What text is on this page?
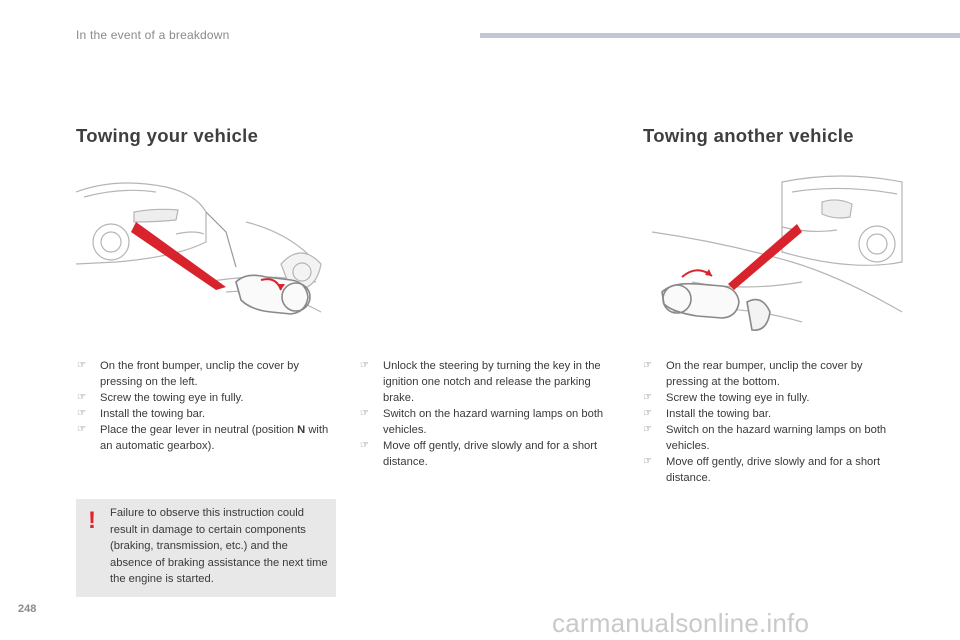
In the event of a breakdown
Towing your vehicle	Towing another vehicle
☞ On the front bumper, unclip the cover by pressing on the left.
☞ Screw the towing eye in fully.
☞ Install the towing bar.
☞ Place the gear lever in neutral (position N with an automatic gearbox).
☞ Unlock the steering by turning the key in the ignition one notch and release the parking brake.
☞ Switch on the hazard warning lamps on both vehicles.
☞ Move off gently, drive slowly and for a short distance.
☞ On the rear bumper, unclip the cover by pressing at the bottom.
☞ Screw the towing eye in fully.
☞ Install the towing bar.
☞ Switch on the hazard warning lamps on both vehicles.
☞ Move off gently, drive slowly and for a short distance.
! Failure to observe this instruction could result in damage to certain components (braking, transmission, etc.) and the absence of braking assistance the next time the engine is started.
248	carmanualsonline.info
